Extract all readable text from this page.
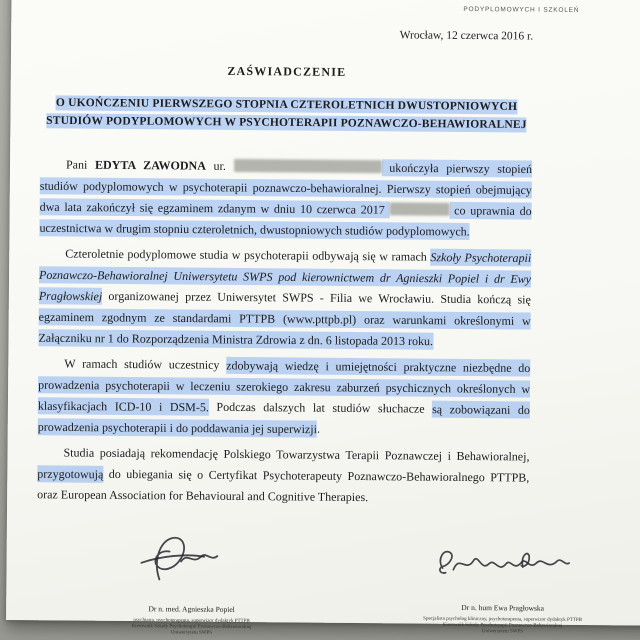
PODYPLOMOWYCH I SZKOLEŃ
Wrocław, 12 czerwca 2016 r.
ZAŚWIADCZENIE
O UKOŃCZENIU PIERWSZEGO STOPNIA CZTEROLETNICH DWUSTOPNIOWYCH
STUDIÓW PODYPLOMOWYCH W PSYCHOTERAPII POZNAWCZO-BEHAWIORALNEJ

Pani EDYTA ZAWODNA ur.	ukończyła pierwszy stopień studiów podyplomowych w psychoterapii poznawczo-behawioralnej. Pierwszy stopień obejmujący dwa lata zakończył się egzaminem zdanym w dniu 10 czerwca 2017	co uprawnia do uczestnictwa w drugim stopniu czteroletnich, dwustopniowych studiów podyplomowych.

Czteroletnie podyplomowe studia w psychoterapii odbywają się w ramach Szkoły Psychoterapii Poznawczo-Behawioralnej Uniwersytetu SWPS pod kierownictwem dr Agnieszki Popiel i dr Ewy Pragłowskiej organizowanej przez Uniwersytet SWPS - Filia we Wrocławiu. Studia kończą się egzaminem zgodnym ze standardami PTTPB (www.pttpb.pl) oraz warunkami określonymi w Załączniku nr 1 do Rozporządzenia Ministra Zdrowia z dn. 6 listopada 2013 roku.

W ramach studiów uczestnicy zdobywają wiedzę i umiejętności praktyczne niezbędne do prowadzenia psychoterapii w leczeniu szerokiego zakresu zaburzeń psychicznych określonych w klasyfikacjach ICD-10 i DSM-5. Podczas dalszych lat studiów słuchacze są zobowiązani do prowadzenia psychoterapii i do poddawania jej superwizji.

Studia posiadają rekomendację Polskiego Towarzystwa Terapii Poznawczej i Behawioralnej, przygotowują do ubiegania się o Certyfikat Psychoterapeuty Poznawczo-Behawioralnego PTTPB, oraz European Association for Behavioural and Cognitive Therapies.

Dr n. med. Agnieszka Popiel
psychiatra, psychoterapeuta, superwizor dydaktyk PTTPB
Kierownik Szkoły Psychoterapii Poznawczo-Behawioralnej
Uniwersytetu SWPS
Dr n. hum Ewa Pragłowska
Specjalista psycholog kliniczny, psychoterapeuta, superwizor dydaktyk PTTPB
Kierownik Szkoły Psychoterapii Poznawczo-Behawioralnej
Uniwersytetu SWPS
